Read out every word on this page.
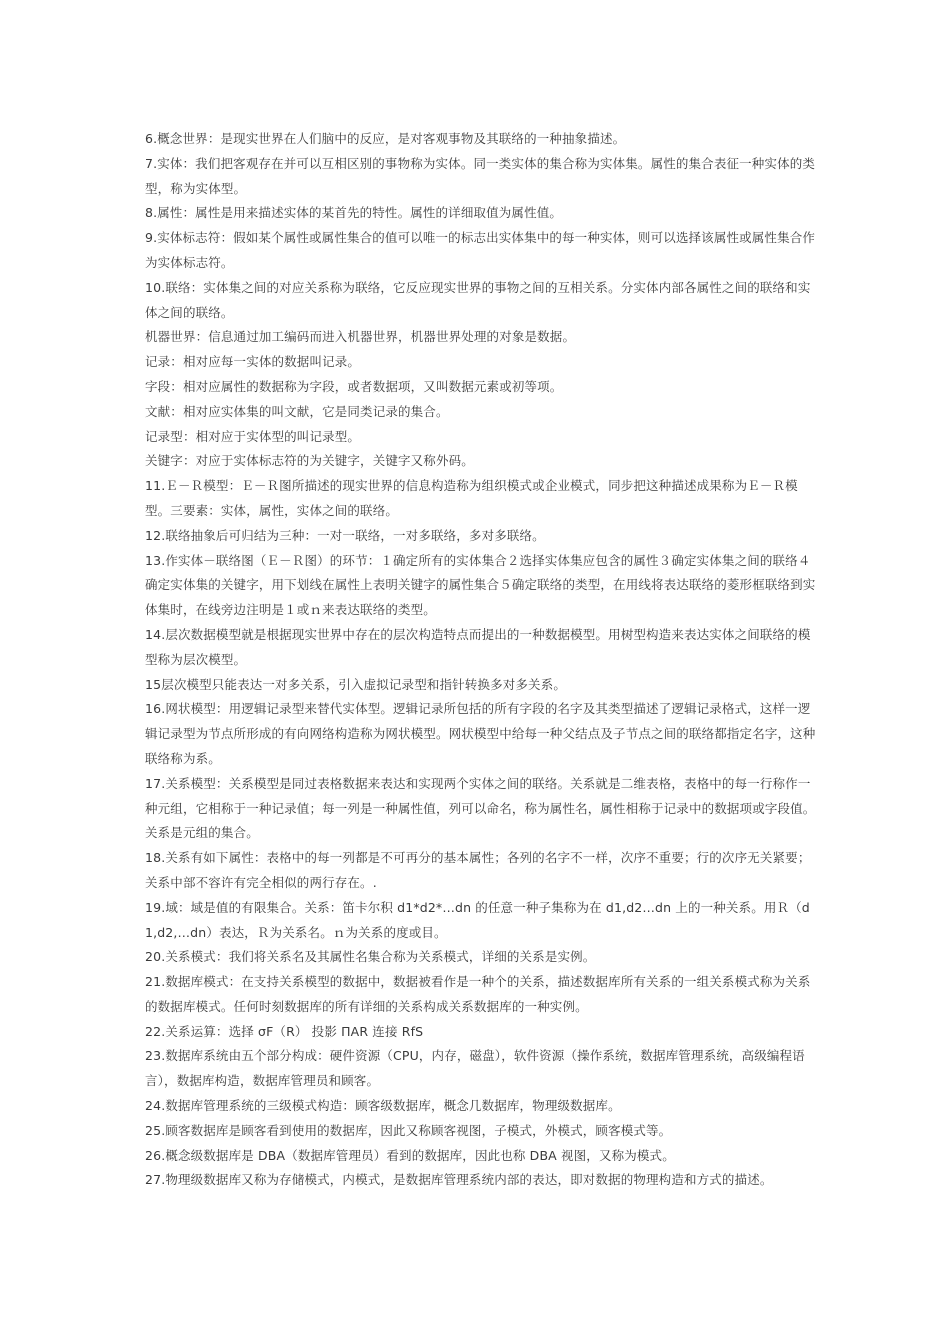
6.概念世界：是现实世界在人们脑中的反应，是对客观事物及其联络的一种抽象描述。

7.实体：我们把客观存在并可以互相区别的事物称为实体。同一类实体的集合称为实体集。属性的集合表征一种实体的类型，称为实体型。

8.属性：属性是用来描述实体的某首先的特性。属性的详细取值为属性值。

9.实体标志符：假如某个属性或属性集合的值可以唯一的标志出实体集中的每一种实体，则可以选择该属性或属性集合作为实体标志符。

10.联络：实体集之间的对应关系称为联络，它反应现实世界的事物之间的互相关系。分实体内部各属性之间的联络和实体之间的联络。

机器世界：信息通过加工编码而进入机器世界，机器世界处理的对象是数据。

记录：相对应每一实体的数据叫记录。

字段：相对应属性的数据称为字段，或者数据项，又叫数据元素或初等项。

文献：相对应实体集的叫文献，它是同类记录的集合。

记录型：相对应于实体型的叫记录型。

关键字：对应于实体标志符的为关键字，关键字又称外码。

11.Ｅ－Ｒ模型：Ｅ－Ｒ图所描述的现实世界的信息构造称为组织模式或企业模式，同步把这种描述成果称为Ｅ－Ｒ模型。三要素：实体，属性，实体之间的联络。

12.联络抽象后可归结为三种：一对一联络，一对多联络，多对多联络。

13.作实体－联络图（Ｅ－Ｒ图）的环节：１确定所有的实体集合２选择实体集应包含的属性３确定实体集之间的联络４确定实体集的关键字，用下划线在属性上表明关键字的属性集合５确定联络的类型，在用线将表达联络的菱形框联络到实体集时，在线旁边注明是１或ｎ来表达联络的类型。

14.层次数据模型就是根据现实世界中存在的层次构造特点而提出的一种数据模型。用树型构造来表达实体之间联络的模型称为层次模型。

15层次模型只能表达一对多关系，引入虚拟记录型和指针转换多对多关系。

16.网状模型：用逻辑记录型来替代实体型。逻辑记录所包括的所有字段的名字及其类型描述了逻辑记录格式，这样一逻辑记录型为节点所形成的有向网络构造称为网状模型。网状模型中给每一种父结点及子节点之间的联络都指定名字，这种联络称为系。

17.关系模型：关系模型是同过表格数据来表达和实现两个实体之间的联络。关系就是二维表格，表格中的每一行称作一种元组，它相称于一种记录值；每一列是一种属性值，列可以命名，称为属性名，属性相称于记录中的数据项或字段值。关系是元组的集合。

18.关系有如下属性：表格中的每一列都是不可再分的基本属性；各列的名字不一样，次序不重要；行的次序无关紧要；关系中部不容许有完全相似的两行存在。.

19.域：域是值的有限集合。关系：笛卡尔积 d1*d2*…dn 的任意一种子集称为在 d1,d2…dn 上的一种关系。用Ｒ（d1,d2,…dn）表达，Ｒ为关系名。ｎ为关系的度或目。

20.关系模式：我们将关系名及其属性名集合称为关系模式，详细的关系是实例。

21.数据库模式：在支持关系模型的数据中，数据被看作是一种个的关系，描述数据库所有关系的一组关系模式称为关系的数据库模式。任何时刻数据库的所有详细的关系构成关系数据库的一种实例。

22.关系运算：选择 σF（R） 投影 ΠAR 连接 RfS

23.数据库系统由五个部分构成：硬件资源（CPU，内存，磁盘），软件资源（操作系统，数据库管理系统，高级编程语言），数据库构造，数据库管理员和顾客。

24.数据库管理系统的三级模式构造：顾客级数据库，概念几数据库，物理级数据库。

25.顾客数据库是顾客看到使用的数据库，因此又称顾客视图，子模式，外模式，顾客模式等。

26.概念级数据库是 DBA（数据库管理员）看到的数据库，因此也称 DBA 视图，又称为模式。

27.物理级数据库又称为存储模式，内模式，是数据库管理系统内部的表达，即对数据的物理构造和方式的描述。
